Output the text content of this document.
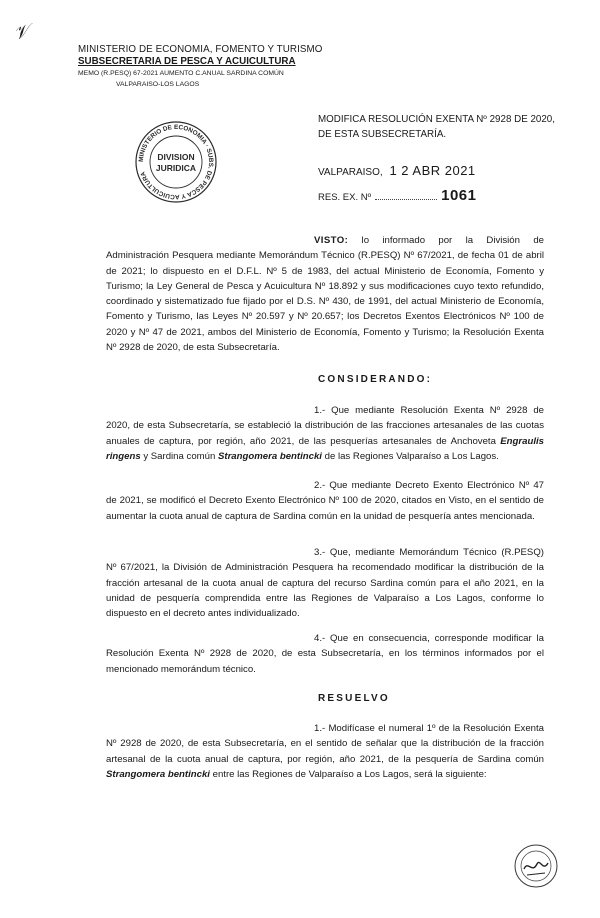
𝒱
MINISTERIO DE ECONOMIA, FOMENTO Y TURISMO
SUBSECRETARIA DE PESCA Y ACUICULTURA
MEMO (R.PESQ) 67-2021 AUMENTO C.ANUAL SARDINA COMÚN
VALPARAISO-LOS LAGOS
MODIFICA RESOLUCIÓN EXENTA Nº 2928 DE 2020,
DE ESTA SUBSECRETARÍA.
VALPARAISO, 1 2 ABR 2021
RES. EX. Nº	1061
MINISTERIO DE ECONOMIA · SUBS. DE PESCA Y ACUICULTURA
DIVISION
JURIDICA
VISTO: lo informado por la División de Administración Pesquera mediante Memorándum Técnico (R.PESQ) Nº 67/2021, de fecha 01 de abril de 2021; lo dispuesto en el D.F.L. Nº 5 de 1983, del actual Ministerio de Economía, Fomento y Turismo; la Ley General de Pesca y Acuicultura Nº 18.892 y sus modificaciones cuyo texto refundido, coordinado y sistematizado fue fijado por el D.S. Nº 430, de 1991, del actual Ministerio de Economía, Fomento y Turismo, las Leyes Nº 20.597 y Nº 20.657; los Decretos Exentos Electrónicos Nº 100 de 2020 y Nº 47 de 2021, ambos del Ministerio de Economía, Fomento y Turismo; la Resolución Exenta Nº 2928 de 2020, de esta Subsecretaría.
CONSIDERANDO:
1.- Que mediante Resolución Exenta Nº 2928 de 2020, de esta Subsecretaría, se estableció la distribución de las fracciones artesanales de las cuotas anuales de captura, por región, año 2021, de las pesquerías artesanales de Anchoveta Engraulis ringens y Sardina común Strangomera bentincki de las Regiones Valparaíso a Los Lagos.
2.- Que mediante Decreto Exento Electrónico Nº 47 de 2021, se modificó el Decreto Exento Electrónico Nº 100 de 2020, citados en Visto, en el sentido de aumentar la cuota anual de captura de Sardina común en la unidad de pesquería antes mencionada.
3.- Que, mediante Memorándum Técnico (R.PESQ) Nº 67/2021, la División de Administración Pesquera ha recomendado modificar la distribución de la fracción artesanal de la cuota anual de captura del recurso Sardina común para el año 2021, en la unidad de pesquería comprendida entre las Regiones de Valparaíso a Los Lagos, conforme lo dispuesto en el decreto antes individualizado.
4.- Que en consecuencia, corresponde modificar la Resolución Exenta Nº 2928 de 2020, de esta Subsecretaría, en los términos informados por el mencionado memorándum técnico.
RESUELVO
1.- Modifícase el numeral 1º de la Resolución Exenta Nº 2928 de 2020, de esta Subsecretaría, en el sentido de señalar que la distribución de la fracción artesanal de la cuota anual de captura, por región, año 2021, de la pesquería de Sardina común Strangomera bentincki entre las Regiones de Valparaíso a Los Lagos, será la siguiente:
